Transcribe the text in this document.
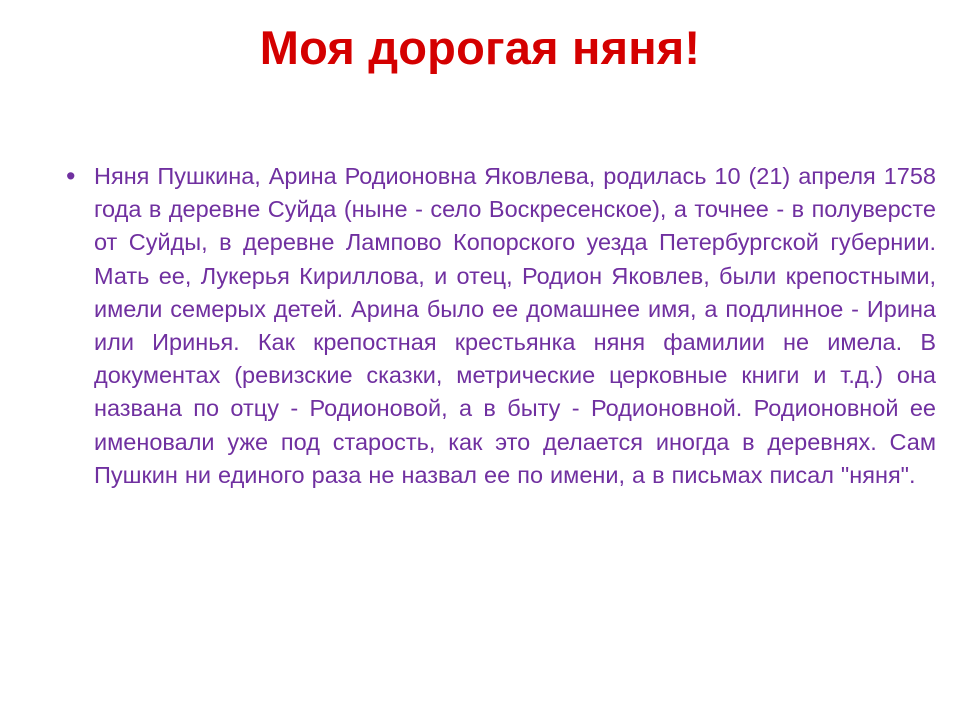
Моя дорогая няня!
• Няня Пушкина, Арина Родионовна Яковлева, родилась 10 (21) апреля 1758 года в деревне Суйда (ныне - село Воскресенское), а точнее - в полуверсте от Суйды, в деревне Лампово Копорского уезда Петербургской губернии. Мать ее, Лукерья Кириллова, и отец, Родион Яковлев, были крепостными, имели семерых детей. Арина было ее домашнее имя, а подлинное - Ирина или Иринья. Как крепостная крестьянка няня фамилии не имела. В документах (ревизские сказки, метрические церковные книги и т.д.) она названа по отцу - Родионовой, а в быту - Родионовной. Родионовной ее именовали уже под старость, как это делается иногда в деревнях. Сам Пушкин ни единого раза не назвал ее по имени, а в письмах писал "няня".
